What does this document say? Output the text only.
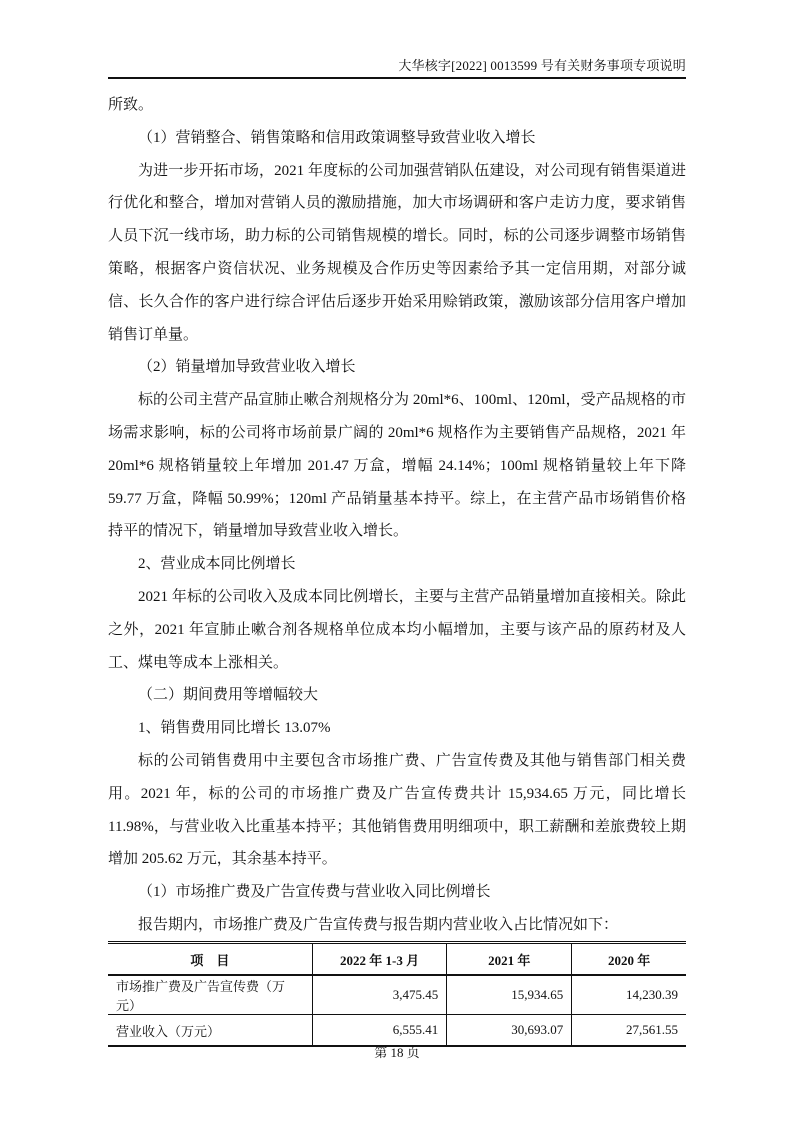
大华核字[2022] 0013599 号有关财务事项专项说明

所致。

（1）营销整合、销售策略和信用政策调整导致营业收入增长

为进一步开拓市场，2021 年度标的公司加强营销队伍建设，对公司现有销售渠道进行优化和整合，增加对营销人员的激励措施，加大市场调研和客户走访力度，要求销售人员下沉一线市场，助力标的公司销售规模的增长。同时，标的公司逐步调整市场销售策略，根据客户资信状况、业务规模及合作历史等因素给予其一定信用期，对部分诚信、长久合作的客户进行综合评估后逐步开始采用赊销政策，激励该部分信用客户增加销售订单量。

（2）销量增加导致营业收入增长

标的公司主营产品宣肺止嗽合剂规格分为 20ml*6、100ml、120ml，受产品规格的市场需求影响，标的公司将市场前景广阔的 20ml*6 规格作为主要销售产品规格，2021 年 20ml*6 规格销量较上年增加 201.47 万盒，增幅 24.14%；100ml 规格销量较上年下降 59.77 万盒，降幅 50.99%；120ml 产品销量基本持平。综上，在主营产品市场销售价格持平的情况下，销量增加导致营业收入增长。

2、营业成本同比例增长

2021 年标的公司收入及成本同比例增长，主要与主营产品销量增加直接相关。除此之外，2021 年宣肺止嗽合剂各规格单位成本均小幅增加，主要与该产品的原药材及人工、煤电等成本上涨相关。

（二）期间费用等增幅较大

1、销售费用同比增长 13.07%

标的公司销售费用中主要包含市场推广费、广告宣传费及其他与销售部门相关费用。2021 年，标的公司的市场推广费及广告宣传费共计 15,934.65 万元，同比增长 11.98%，与营业收入比重基本持平；其他销售费用明细项中，职工薪酬和差旅费较上期增加 205.62 万元，其余基本持平。

（1）市场推广费及广告宣传费与营业收入同比例增长

报告期内，市场推广费及广告宣传费与报告期内营业收入占比情况如下：

项　目	2022 年 1-3 月	2021 年	2020 年
市场推广费及广告宣传费（万元）	3,475.45	15,934.65	14,230.39
营业收入（万元）	6,555.41	30,693.07	27,561.55
第 18 页
